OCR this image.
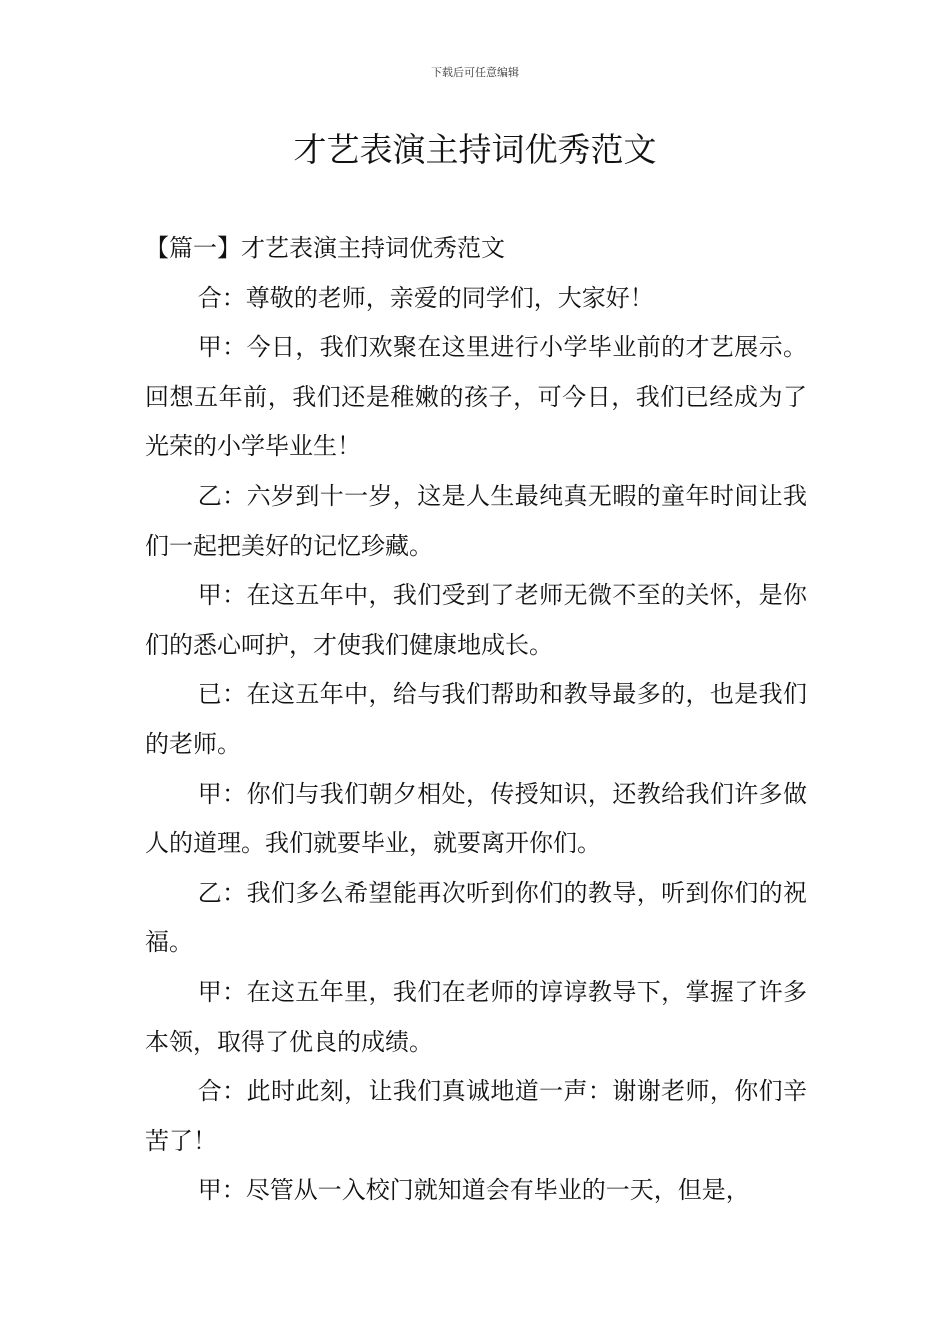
下载后可任意编辑
才艺表演主持词优秀范文

【篇一】才艺表演主持词优秀范文

合：尊敬的老师，亲爱的同学们，大家好！

甲：今日，我们欢聚在这里进行小学毕业前的才艺展示。回想五年前，我们还是稚嫩的孩子，可今日，我们已经成为了光荣的小学毕业生！

乙：六岁到十一岁，这是人生最纯真无暇的童年时间让我们一起把美好的记忆珍藏。

甲：在这五年中，我们受到了老师无微不至的关怀，是你们的悉心呵护，才使我们健康地成长。

已：在这五年中，给与我们帮助和教导最多的，也是我们的老师。

甲：你们与我们朝夕相处，传授知识，还教给我们许多做人的道理。我们就要毕业，就要离开你们。

乙：我们多么希望能再次听到你们的教导，听到你们的祝福。

甲：在这五年里，我们在老师的谆谆教导下，掌握了许多本领，取得了优良的成绩。

合：此时此刻，让我们真诚地道一声：谢谢老师，你们辛苦了！

甲：尽管从一入校门就知道会有毕业的一天，但是，
